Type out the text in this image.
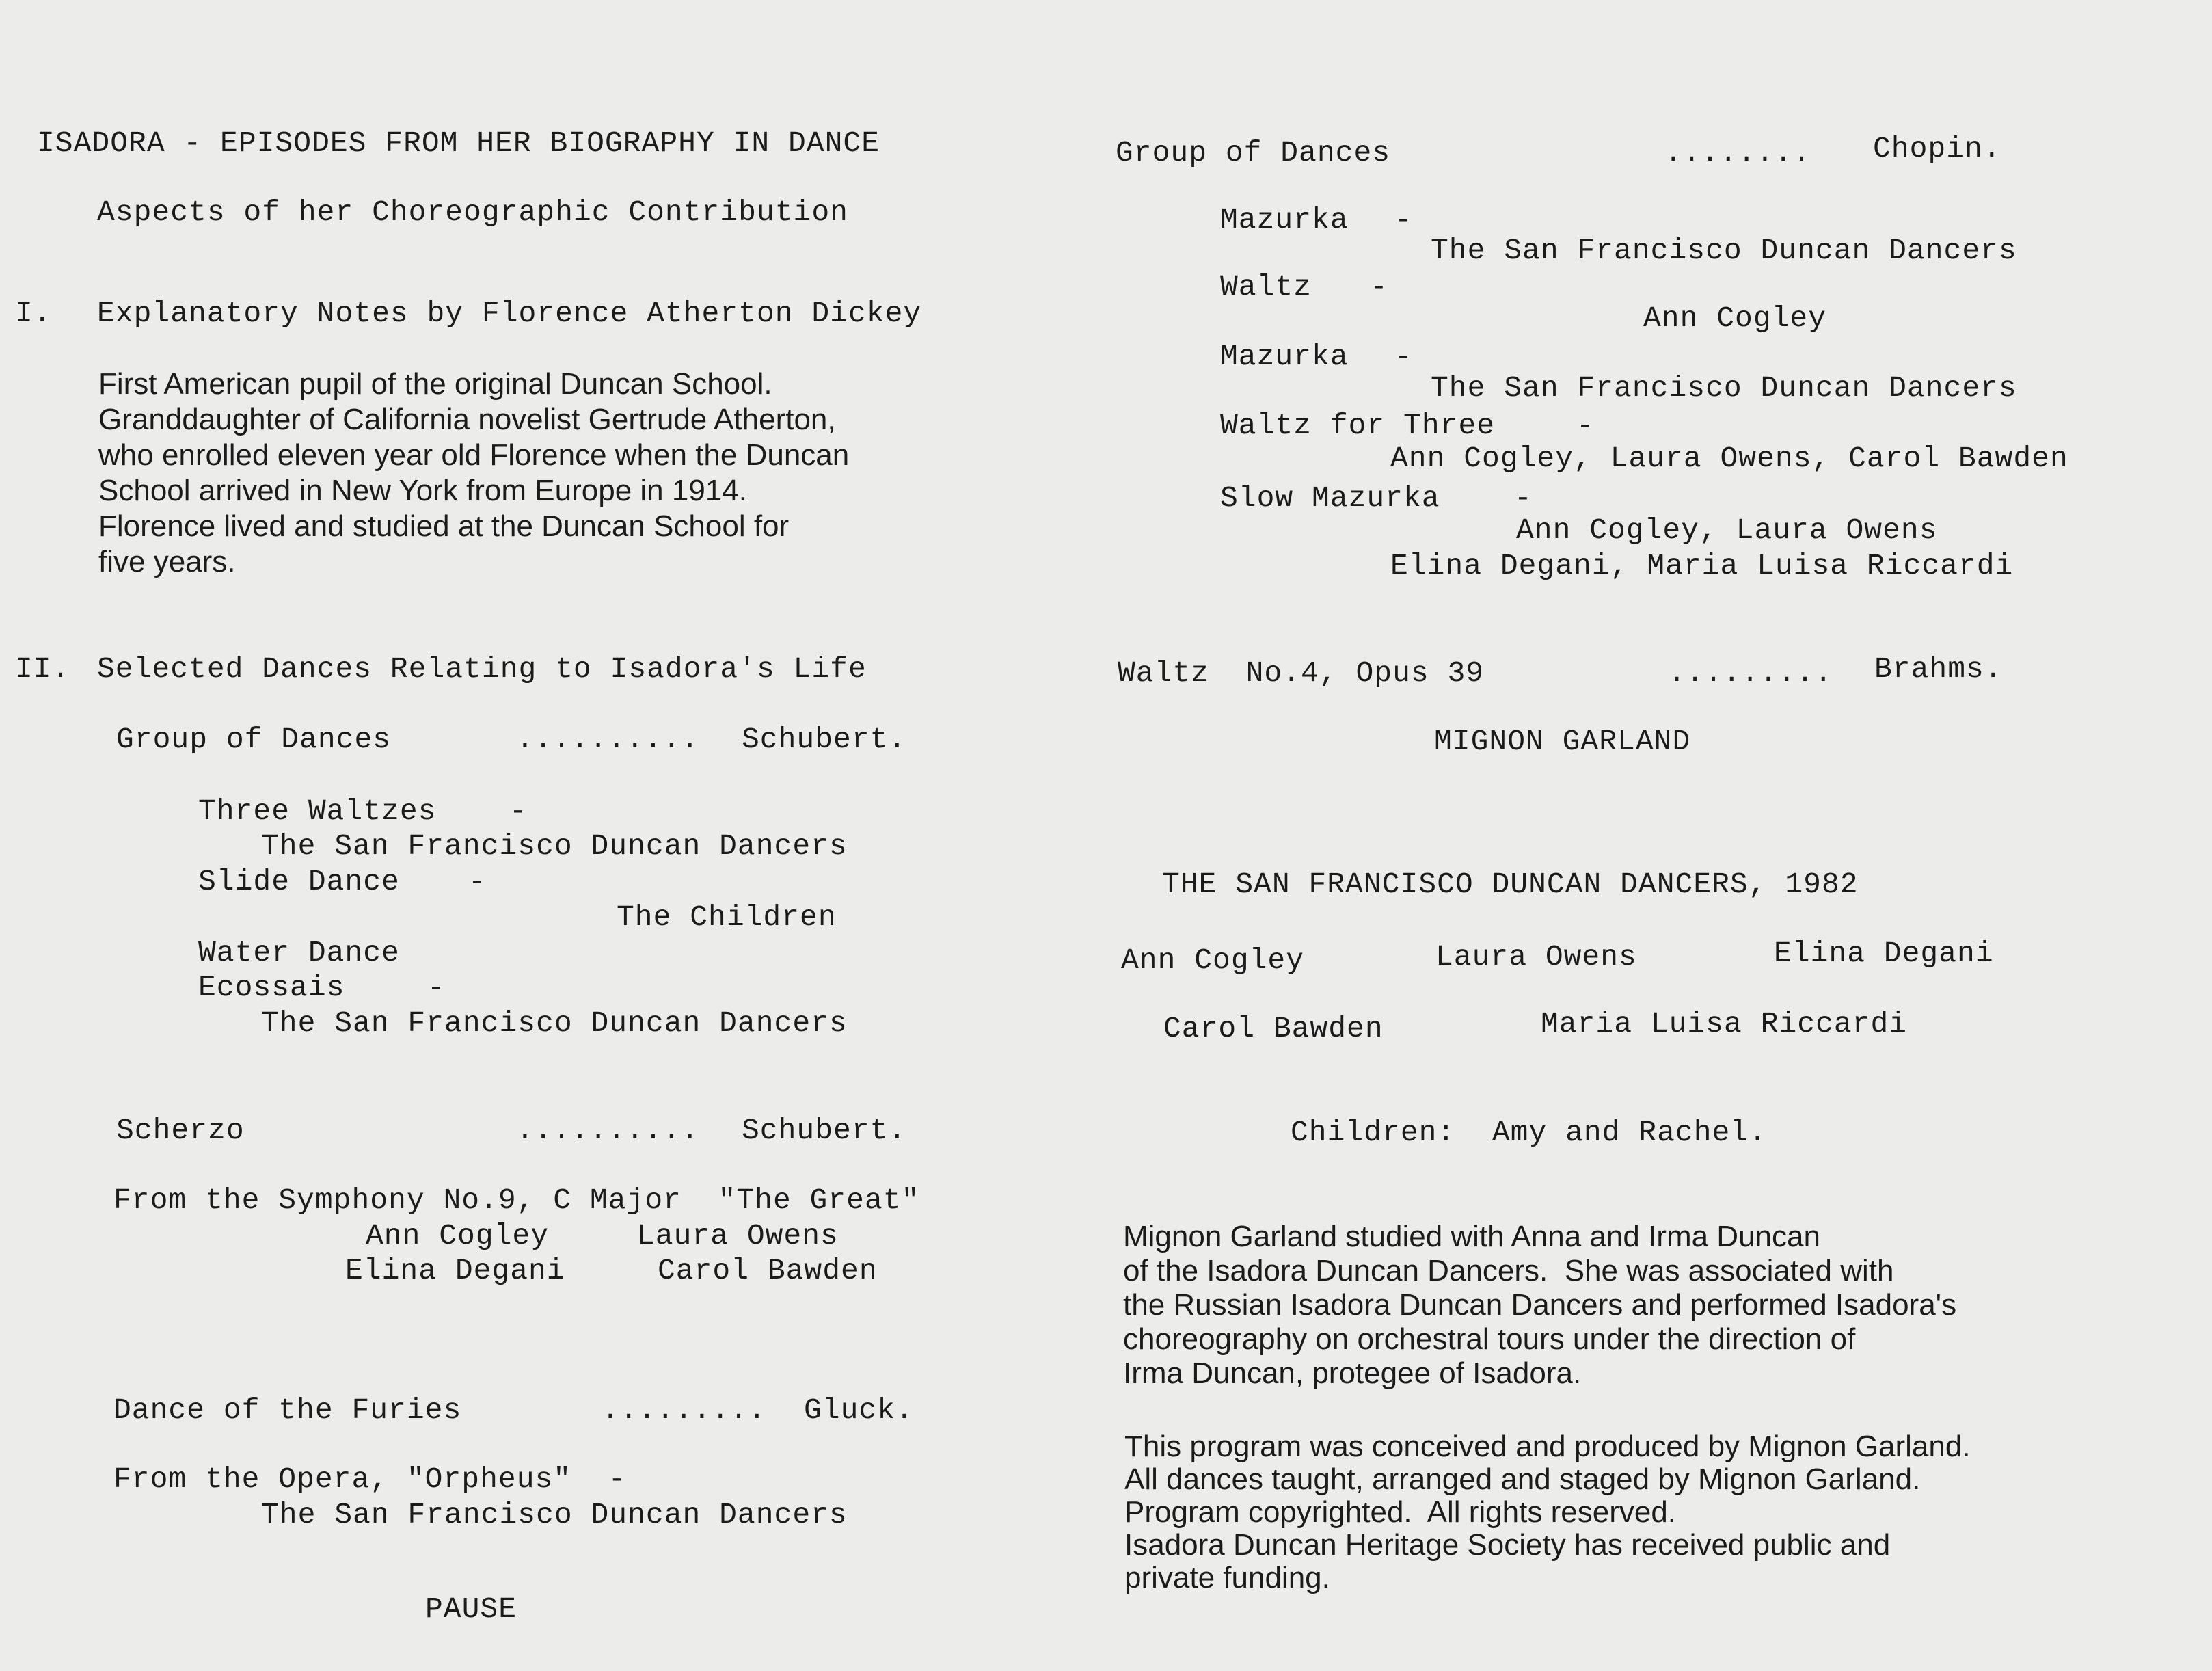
ISADORA - EPISODES FROM HER BIOGRAPHY IN DANCE
Aspects of her Choreographic Contribution
I. Explanatory Notes by Florence Atherton Dickey
First American pupil of the original Duncan School.
Granddaughter of California novelist Gertrude Atherton,
who enrolled eleven year old Florence when the Duncan
School arrived in New York from Europe in 1914.
Florence lived and studied at the Duncan School for
five years.
II. Selected Dances Relating to Isadora's Life
Group of Dances	.......... Schubert.
Three Waltzes -
The San Francisco Duncan Dancers
Slide Dance -
The Children
Water Dance
Ecossais	-
The San Francisco Duncan Dancers
Scherzo	.......... Schubert.
From the Symphony No.9, C Major  "The Great"
Ann Cogley	Laura Owens
Elina Degani	Carol Bawden
Dance of the Furies	......... Gluck.
From the Opera, "Orpheus"  -
The San Francisco Duncan Dancers
PAUSE
Group of Dances	........ Chopin.
Mazurka -
The San Francisco Duncan Dancers
Waltz -
Ann Cogley
Mazurka -
The San Francisco Duncan Dancers
Waltz for Three	-
Ann Cogley, Laura Owens, Carol Bawden
Slow Mazurka	-
Ann Cogley, Laura Owens
Elina Degani, Maria Luisa Riccardi
Waltz  No.4, Opus 39	......... Brahms.
MIGNON GARLAND
THE SAN FRANCISCO DUNCAN DANCERS, 1982
Ann Cogley	Laura Owens	Elina Degani
Carol Bawden	Maria Luisa Riccardi
Children:  Amy and Rachel.
Mignon Garland studied with Anna and Irma Duncan
of the Isadora Duncan Dancers.  She was associated with
the Russian Isadora Duncan Dancers and performed Isadora's
choreography on orchestral tours under the direction of
Irma Duncan, protegee of Isadora.
This program was conceived and produced by Mignon Garland.
All dances taught, arranged and staged by Mignon Garland.
Program copyrighted.  All rights reserved.
Isadora Duncan Heritage Society has received public and
private funding.
